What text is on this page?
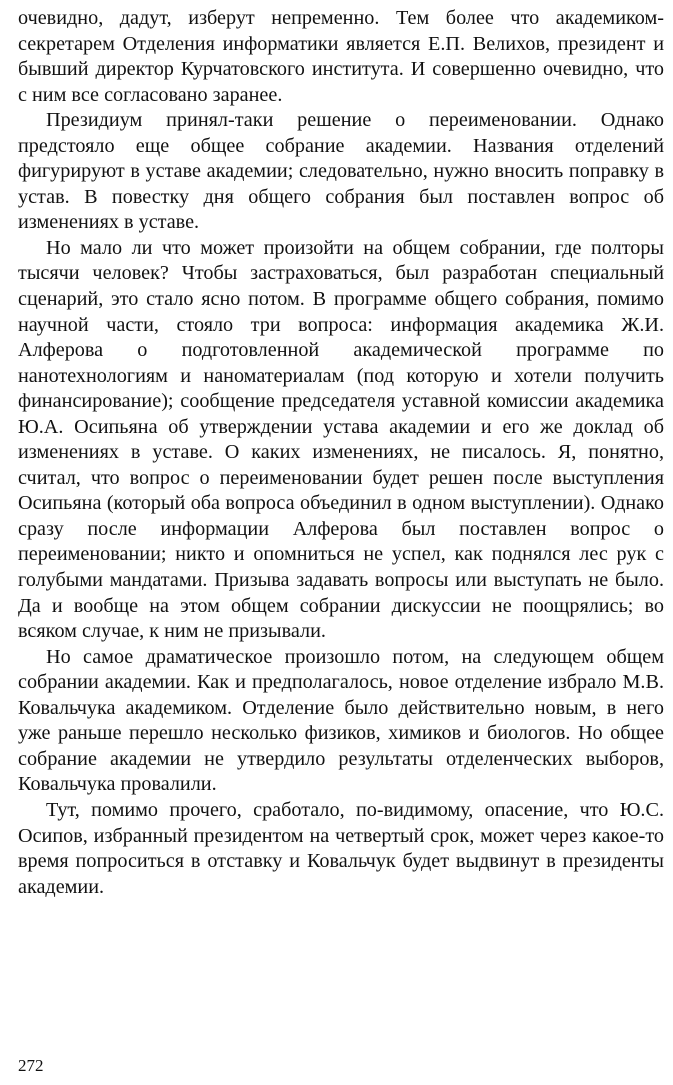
очевидно, дадут, изберут непременно. Тем более что академиком-секретарем Отделения информатики является Е.П. Велихов, президент и бывший директор Курчатовского института. И совершенно очевидно, что с ним все согласовано заранее.

Президиум принял-таки решение о переименовании. Однако предстояло еще общее собрание академии. Названия отделений фигурируют в уставе академии; следовательно, нужно вносить поправку в устав. В повестку дня общего собрания был поставлен вопрос об изменениях в уставе.

Но мало ли что может произойти на общем собрании, где полторы тысячи человек? Чтобы застраховаться, был разработан специальный сценарий, это стало ясно потом. В программе общего собрания, помимо научной части, стояло три вопроса: информация академика Ж.И. Алферова о подготовленной академической программе по нанотехнологиям и наноматериалам (под которую и хотели получить финансирование); сообщение председателя уставной комиссии академика Ю.А. Осипьяна об утверждении устава академии и его же доклад об изменениях в уставе. О каких изменениях, не писалось. Я, понятно, считал, что вопрос о переименовании будет решен после выступления Осипьяна (который оба вопроса объединил в одном выступлении). Однако сразу после информации Алферова был поставлен вопрос о переименовании; никто и опомниться не успел, как поднялся лес рук с голубыми мандатами. Призыва задавать вопросы или выступать не было. Да и вообще на этом общем собрании дискуссии не поощрялись; во всяком случае, к ним не призывали.

Но самое драматическое произошло потом, на следующем общем собрании академии. Как и предполагалось, новое отделение избрало М.В. Ковальчука академиком. Отделение было действительно новым, в него уже раньше перешло несколько физиков, химиков и биологов. Но общее собрание академии не утвердило результаты отделенческих выборов, Ковальчука провалили.

Тут, помимо прочего, сработало, по-видимому, опасение, что Ю.С. Осипов, избранный президентом на четвертый срок, может через какое-то время попроситься в отставку и Ковальчук будет выдвинут в президенты академии.

272
